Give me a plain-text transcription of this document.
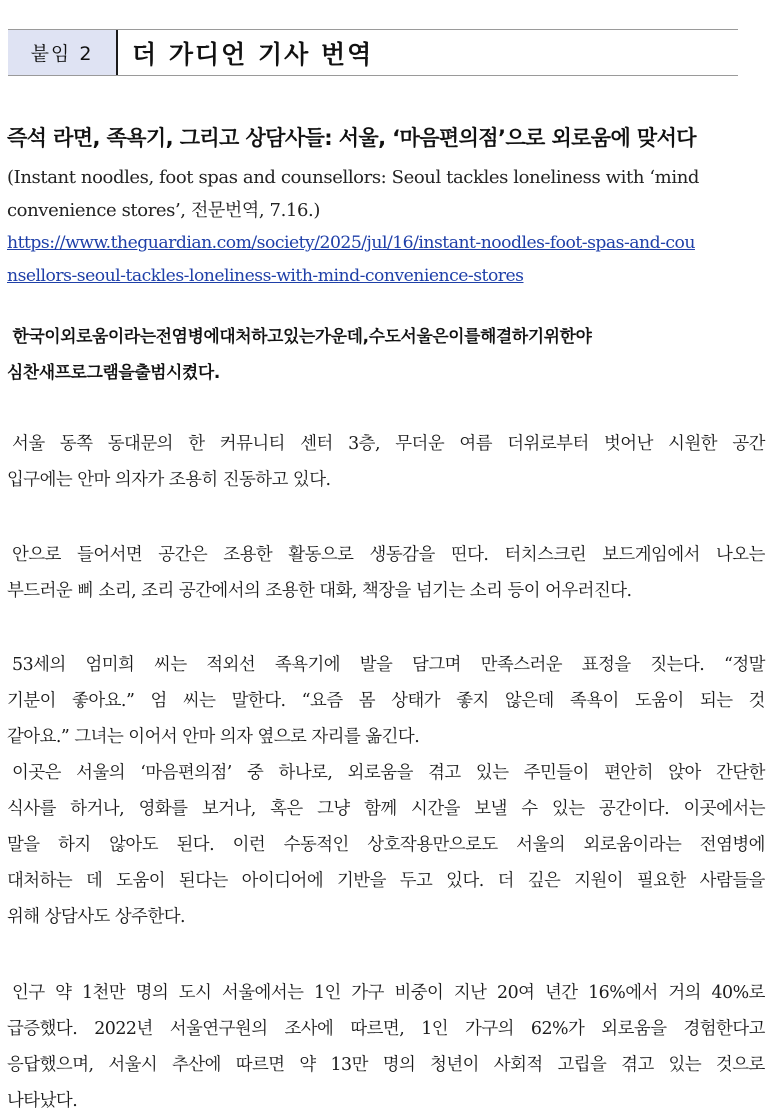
붙임 2	더 가디언 기사 번역
즉석 라면, 족욕기, 그리고 상담사들: 서울, ‘마음편의점’으로 외로움에 맞서다
(Instant noodles, foot spas and counsellors: Seoul tackles loneliness with ‘mind
convenience stores’, 전문번역, 7.16.)
https://www.theguardian.com/society/2025/jul/16/instant-noodles-foot-spas-and-cou
nsellors-seoul-tackles-loneliness-with-mind-convenience-stores
한국이외로움이라는전염병에대처하고있는가운데,수도서울은이를해결하기위한야
심찬새프로그램을출범시켰다.
서울 동쪽 동대문의 한 커뮤니티 센터 3층, 무더운 여름 더위로부터 벗어난 시원한 공간
입구에는 안마 의자가 조용히 진동하고 있다.
안으로 들어서면 공간은 조용한 활동으로 생동감을 띤다. 터치스크린 보드게임에서 나오는
부드러운 삐 소리, 조리 공간에서의 조용한 대화, 책장을 넘기는 소리 등이 어우러진다.
53세의 엄미희 씨는 적외선 족욕기에 발을 담그며 만족스러운 표정을 짓는다. “정말
기분이 좋아요.” 엄 씨는 말한다. “요즘 몸 상태가 좋지 않은데 족욕이 도움이 되는 것
같아요.” 그녀는 이어서 안마 의자 옆으로 자리를 옮긴다.
이곳은 서울의 ‘마음편의점’ 중 하나로, 외로움을 겪고 있는 주민들이 편안히 앉아 간단한
식사를 하거나, 영화를 보거나, 혹은 그냥 함께 시간을 보낼 수 있는 공간이다. 이곳에서는
말을 하지 않아도 된다. 이런 수동적인 상호작용만으로도 서울의 외로움이라는 전염병에
대처하는 데 도움이 된다는 아이디어에 기반을 두고 있다. 더 깊은 지원이 필요한 사람들을
위해 상담사도 상주한다.
인구 약 1천만 명의 도시 서울에서는 1인 가구 비중이 지난 20여 년간 16%에서 거의 40%로
급증했다. 2022년 서울연구원의 조사에 따르면, 1인 가구의 62%가 외로움을 경험한다고
응답했으며, 서울시 추산에 따르면 약 13만 명의 청년이 사회적 고립을 겪고 있는 것으로
나타났다.
